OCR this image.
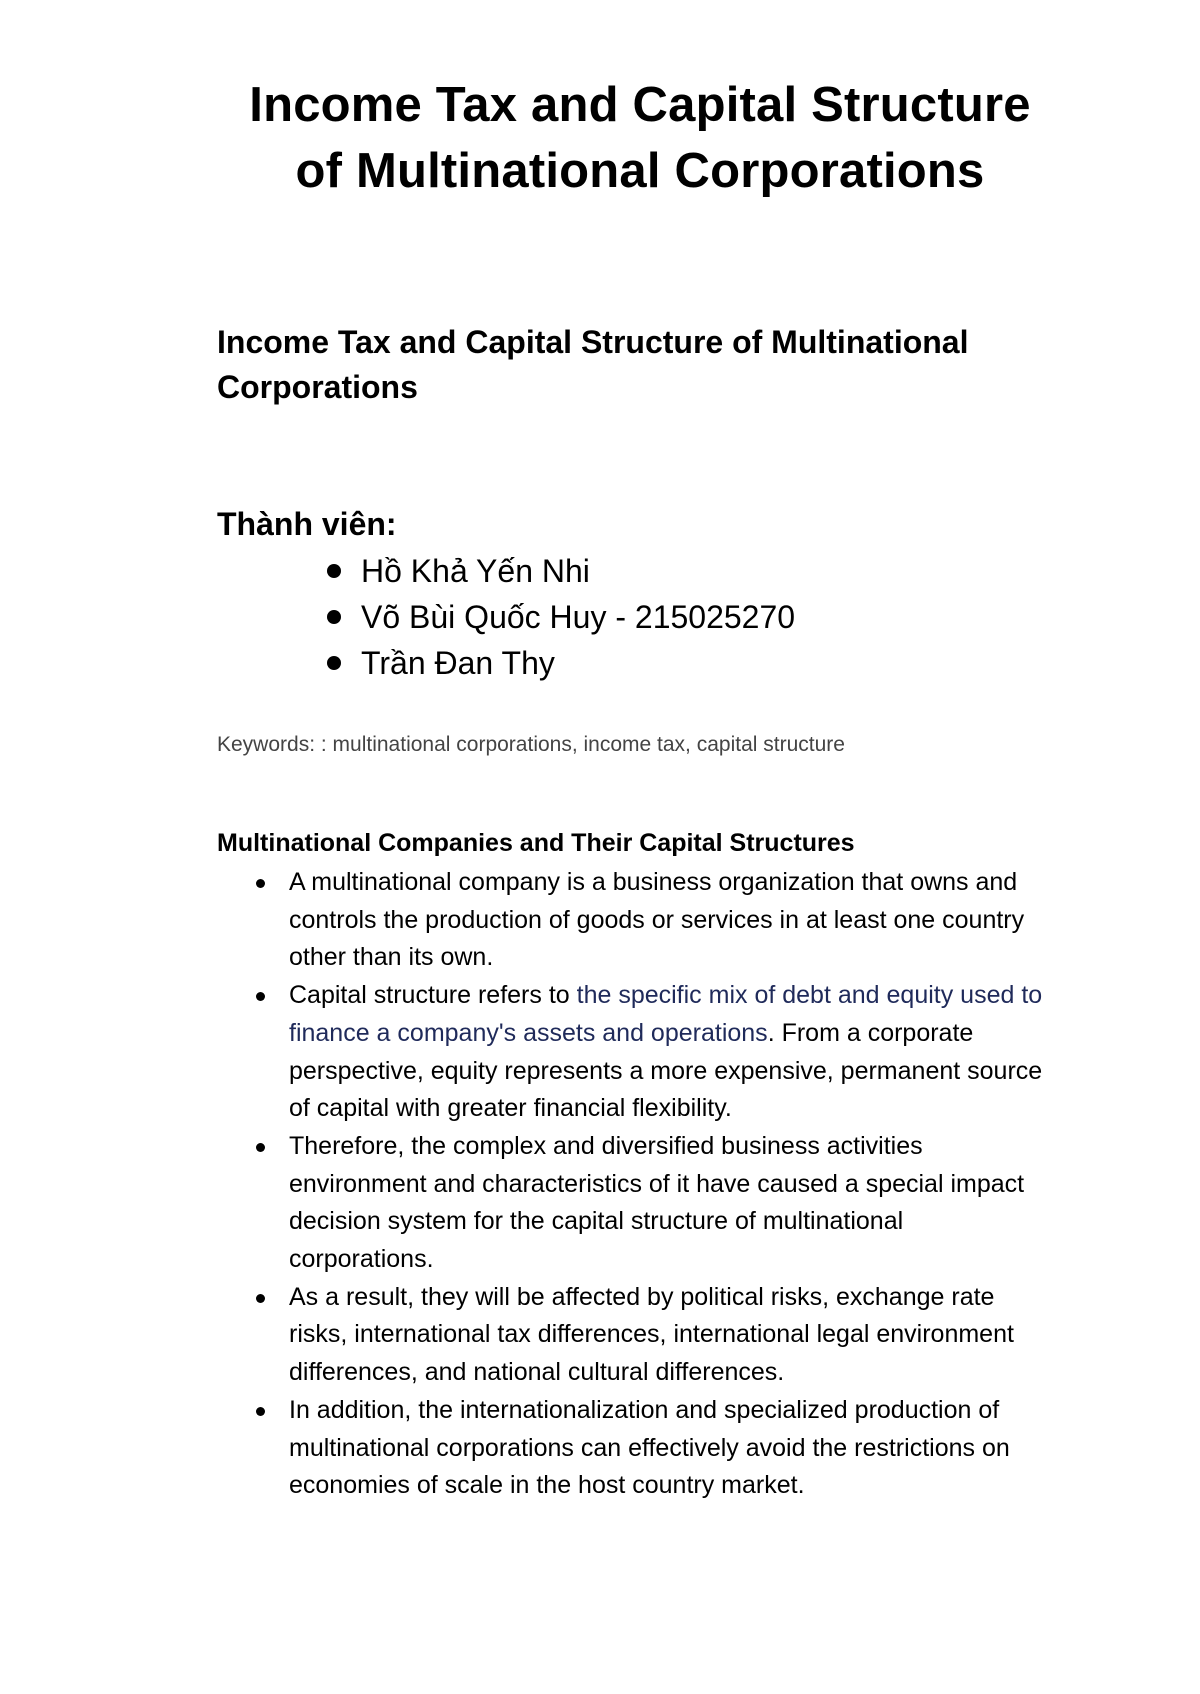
Income Tax and Capital Structure
of Multinational Corporations
Income Tax and Capital Structure of Multinational Corporations
Thành viên:
Hồ Khả Yến Nhi
Võ Bùi Quốc Huy - 215025270
Trần Đan Thy

Keywords: : multinational corporations, income tax, capital structure

Multinational Companies and Their Capital Structures
A multinational company is a business organization that owns and controls the production of goods or services in at least one country other than its own.
Capital structure refers to the specific mix of debt and equity used to finance a company's assets and operations. From a corporate perspective, equity represents a more expensive, permanent source of capital with greater financial flexibility.
Therefore, the complex and diversified business activities environment and characteristics of it have caused a special impact decision system for the capital structure of multinational corporations.
As a result, they will be affected by political risks, exchange rate risks, international tax differences, international legal environment differences, and national cultural differences.
In addition, the internationalization and specialized production of multinational corporations can effectively avoid the restrictions on economies of scale in the host country market.
